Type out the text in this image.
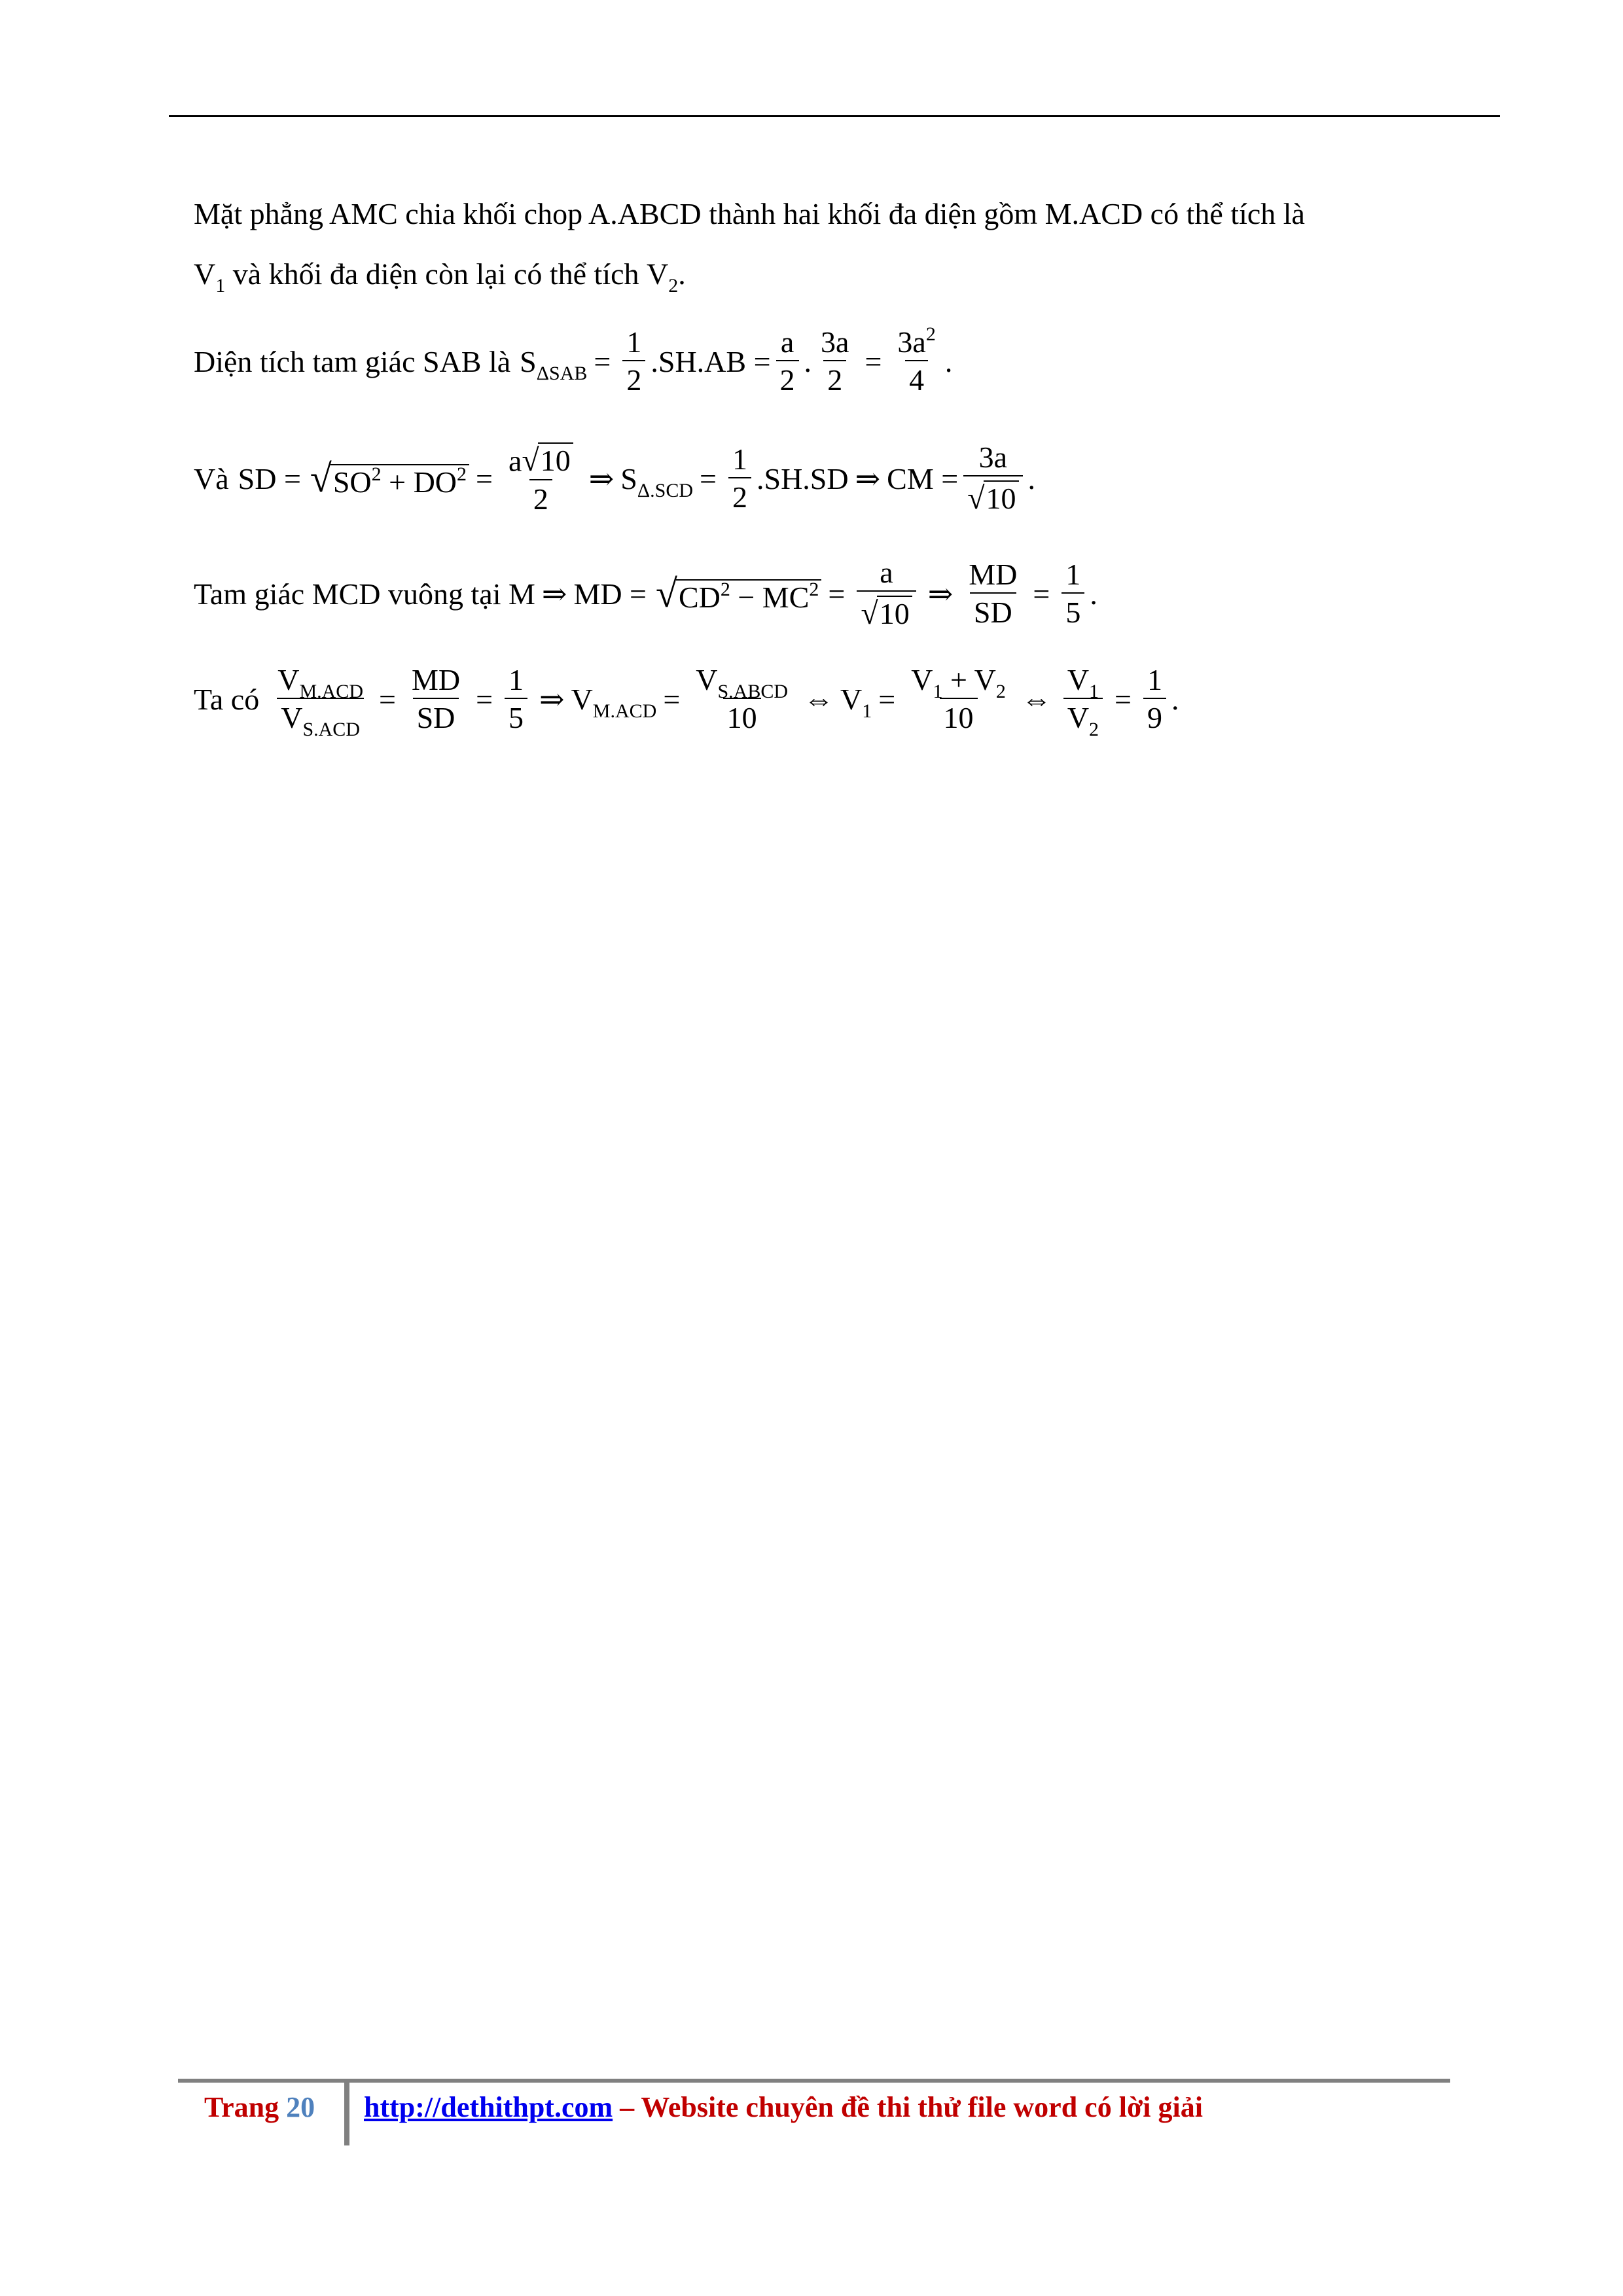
Mặt phẳng AMC chia khối chop A.ABCD thành hai khối đa diện gồm M.ACD có thể tích là
$V_1$ và khối đa diện còn lại có thể tích $V_2$ .
Diện tích tam giác SAB là $S_{\Delta SAB} = \frac{1}{2} .SH.AB = \frac{a}{2}$ . $\frac{3a}{2} = \frac{3a^2}{4}$ .
Và SD = √ $SO^2 + DO^2 = \frac{a √ 10}{2}$ ⇒ $S_{\Delta.SCD} = \frac{1}{2} .SH.SD$ ⇒ CM = $\frac{3a}{√ 10}$ .
Tam giác MCD vuông tại M ⇒ MD = √ $CD^2 - MC^2 = \frac{a}{√ 10}$ ⇒ $\frac{MD}{SD} = \frac{1}{5}$ .
Ta có $\frac{V_{M.ACD}}{V_{S.ACD}} = \frac{MD}{SD} = \frac{1}{5}$ ⇒ $V_{M.ACD} = \frac{V_{S.ABCD}}{10}$ ⇔ $V_1 = \frac{V_1 + V_2}{10}$ ⇔ $\frac{V_1}{V_2} = \frac{1}{9}$ .
Trang 20 http://dethithpt.com – Website chuyên đề thi thử file word có lời giải
